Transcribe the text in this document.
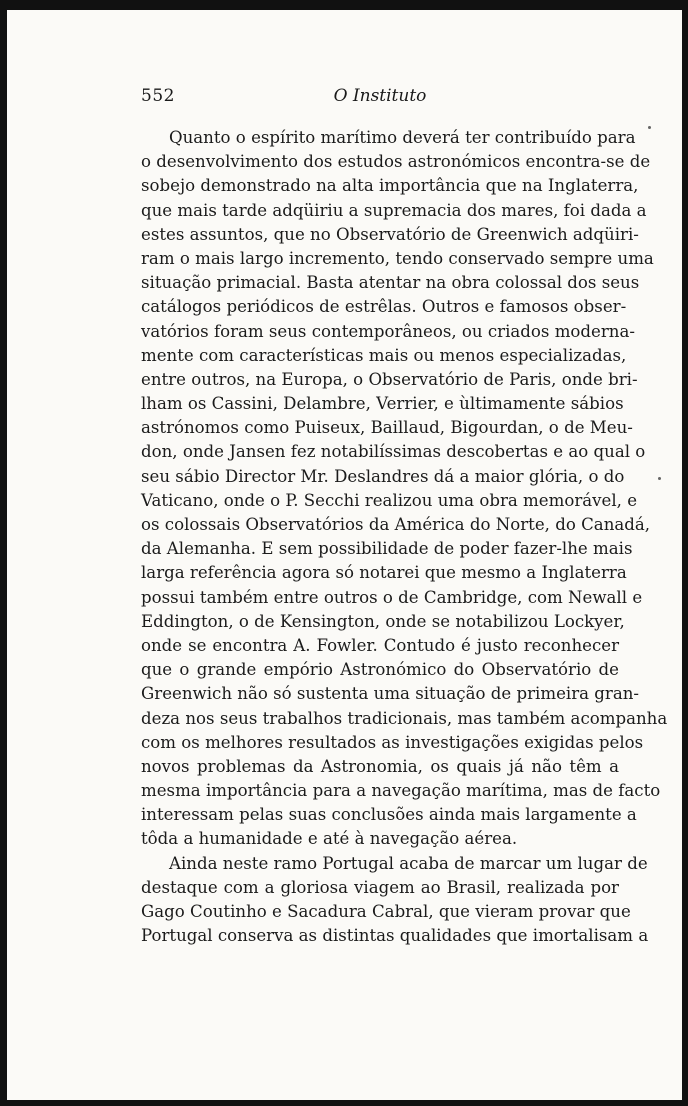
552	O Instituto
Quanto o espírito marítimo deverá ter contribuído para
o desenvolvimento dos estudos astronómicos encontra-se de
sobejo demonstrado na alta importância que na Inglaterra,
que mais tarde adqüiriu a supremacia dos mares, foi dada a
estes assuntos, que no Observatório de Greenwich adqüiri-
ram o mais largo incremento, tendo conservado sempre uma
situação primacial. Basta atentar na obra colossal dos seus
catálogos periódicos de estrêlas. Outros e famosos obser-
vatórios foram seus contemporâneos, ou criados moderna-
mente com características mais ou menos especializadas,
entre outros, na Europa, o Observatório de Paris, onde bri-
lham os Cassini, Delambre, Verrier, e ùltimamente sábios
astrónomos como Puiseux, Baillaud, Bigourdan, o de Meu-
don, onde Jansen fez notabilíssimas descobertas e ao qual o
seu sábio Director Mr. Deslandres dá a maior glória, o do
Vaticano, onde o P. Secchi realizou uma obra memorável, e
os colossais Observatórios da América do Norte, do Canadá,
da Alemanha. E sem possibilidade de poder fazer-lhe mais
larga referência agora só notarei que mesmo a Inglaterra
possui também entre outros o de Cambridge, com Newall e
Eddington, o de Kensington, onde se notabilizou Lockyer,
onde se encontra A. Fowler. Contudo é justo reconhecer
que o grande empório Astronómico do Observatório de
Greenwich não só sustenta uma situação de primeira gran-
deza nos seus trabalhos tradicionais, mas também acompanha
com os melhores resultados as investigações exigidas pelos
novos problemas da Astronomia, os quais já não têm a
mesma importância para a navegação marítima, mas de facto
interessam pelas suas conclusões ainda mais largamente a
tôda a humanidade e até à navegação aérea.
Ainda neste ramo Portugal acaba de marcar um lugar de
destaque com a gloriosa viagem ao Brasil, realizada por
Gago Coutinho e Sacadura Cabral, que vieram provar que
Portugal conserva as distintas qualidades que imortalisam a
